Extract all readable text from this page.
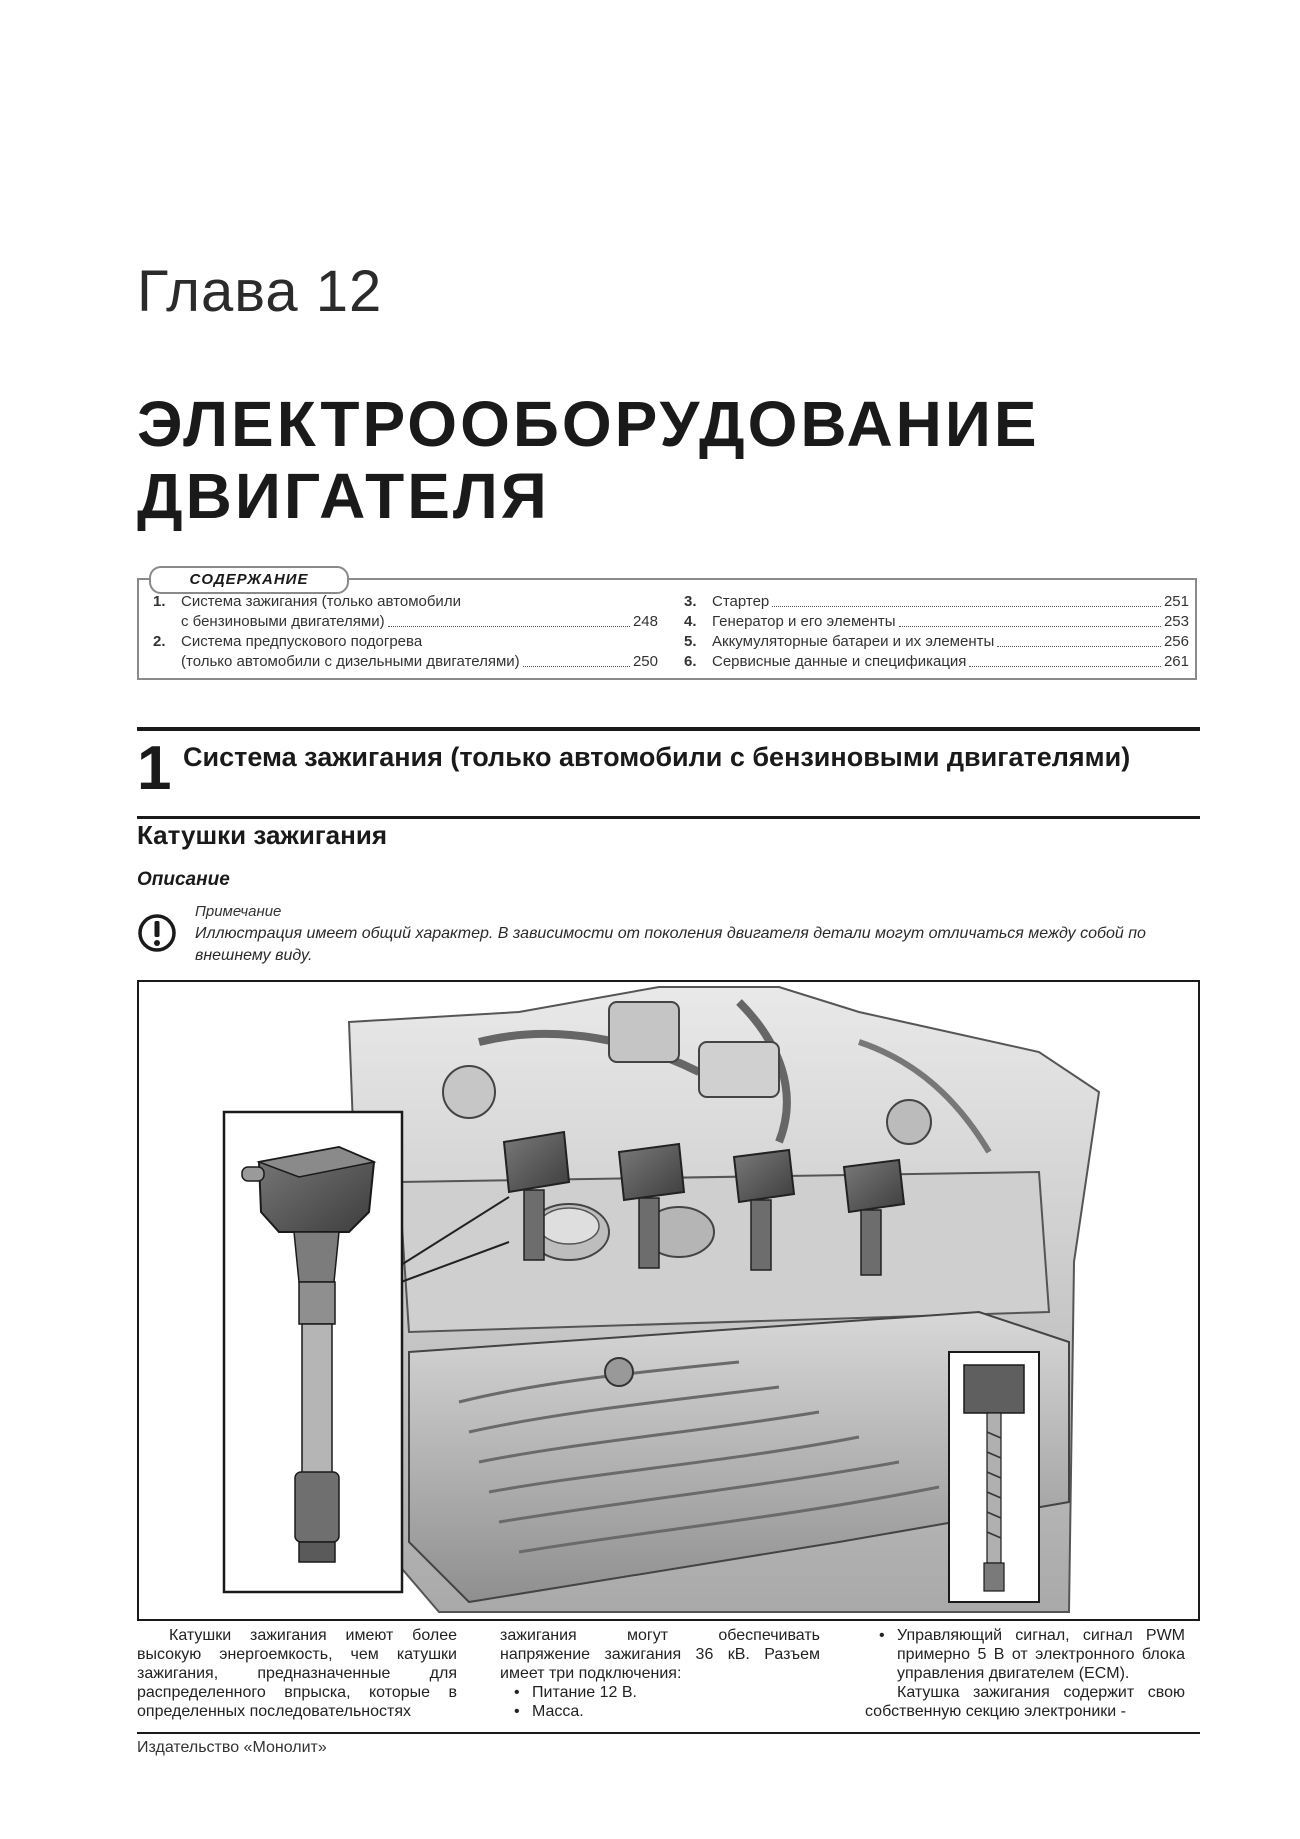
Глава 12
ЭЛЕКТРООБОРУДОВАНИЕ
ДВИГАТЕЛЯ
СОДЕРЖАНИЕ
1.	Система зажигания (только автомобили
с бензиновыми двигателями)	248
2.	Система предпускового подогрева
(только автомобили с дизельными двигателями)	250
3.	Стартер	251
4.	Генератор и его элементы	253
5.	Аккумуляторные батареи и их элементы	256
6.	Сервисные данные и спецификация	261
1 Система зажигания (только автомобили с бензиновыми двигателями)
Катушки зажигания
Описание
Примечание
Иллюстрация имеет общий характер. В зависимости от поколения двигателя детали могут отличаться между собой по внешнему виду.

Катушки зажигания имеют более высокую энергоемкость, чем катушки зажигания, предназначенные для распределенного впрыска, которые в определенных последовательностях

зажигания могут обеспечивать напряжение зажигания 36 кВ. Разъем имеет три подключения:

• Питание 12 В.
• Масса.
• Управляющий сигнал, сигнал PWM примерно 5 В от электронного блока управления двигателем (ECM).

Катушка зажигания содержит свою собственную секцию электроники -

Издательство «Монолит»
